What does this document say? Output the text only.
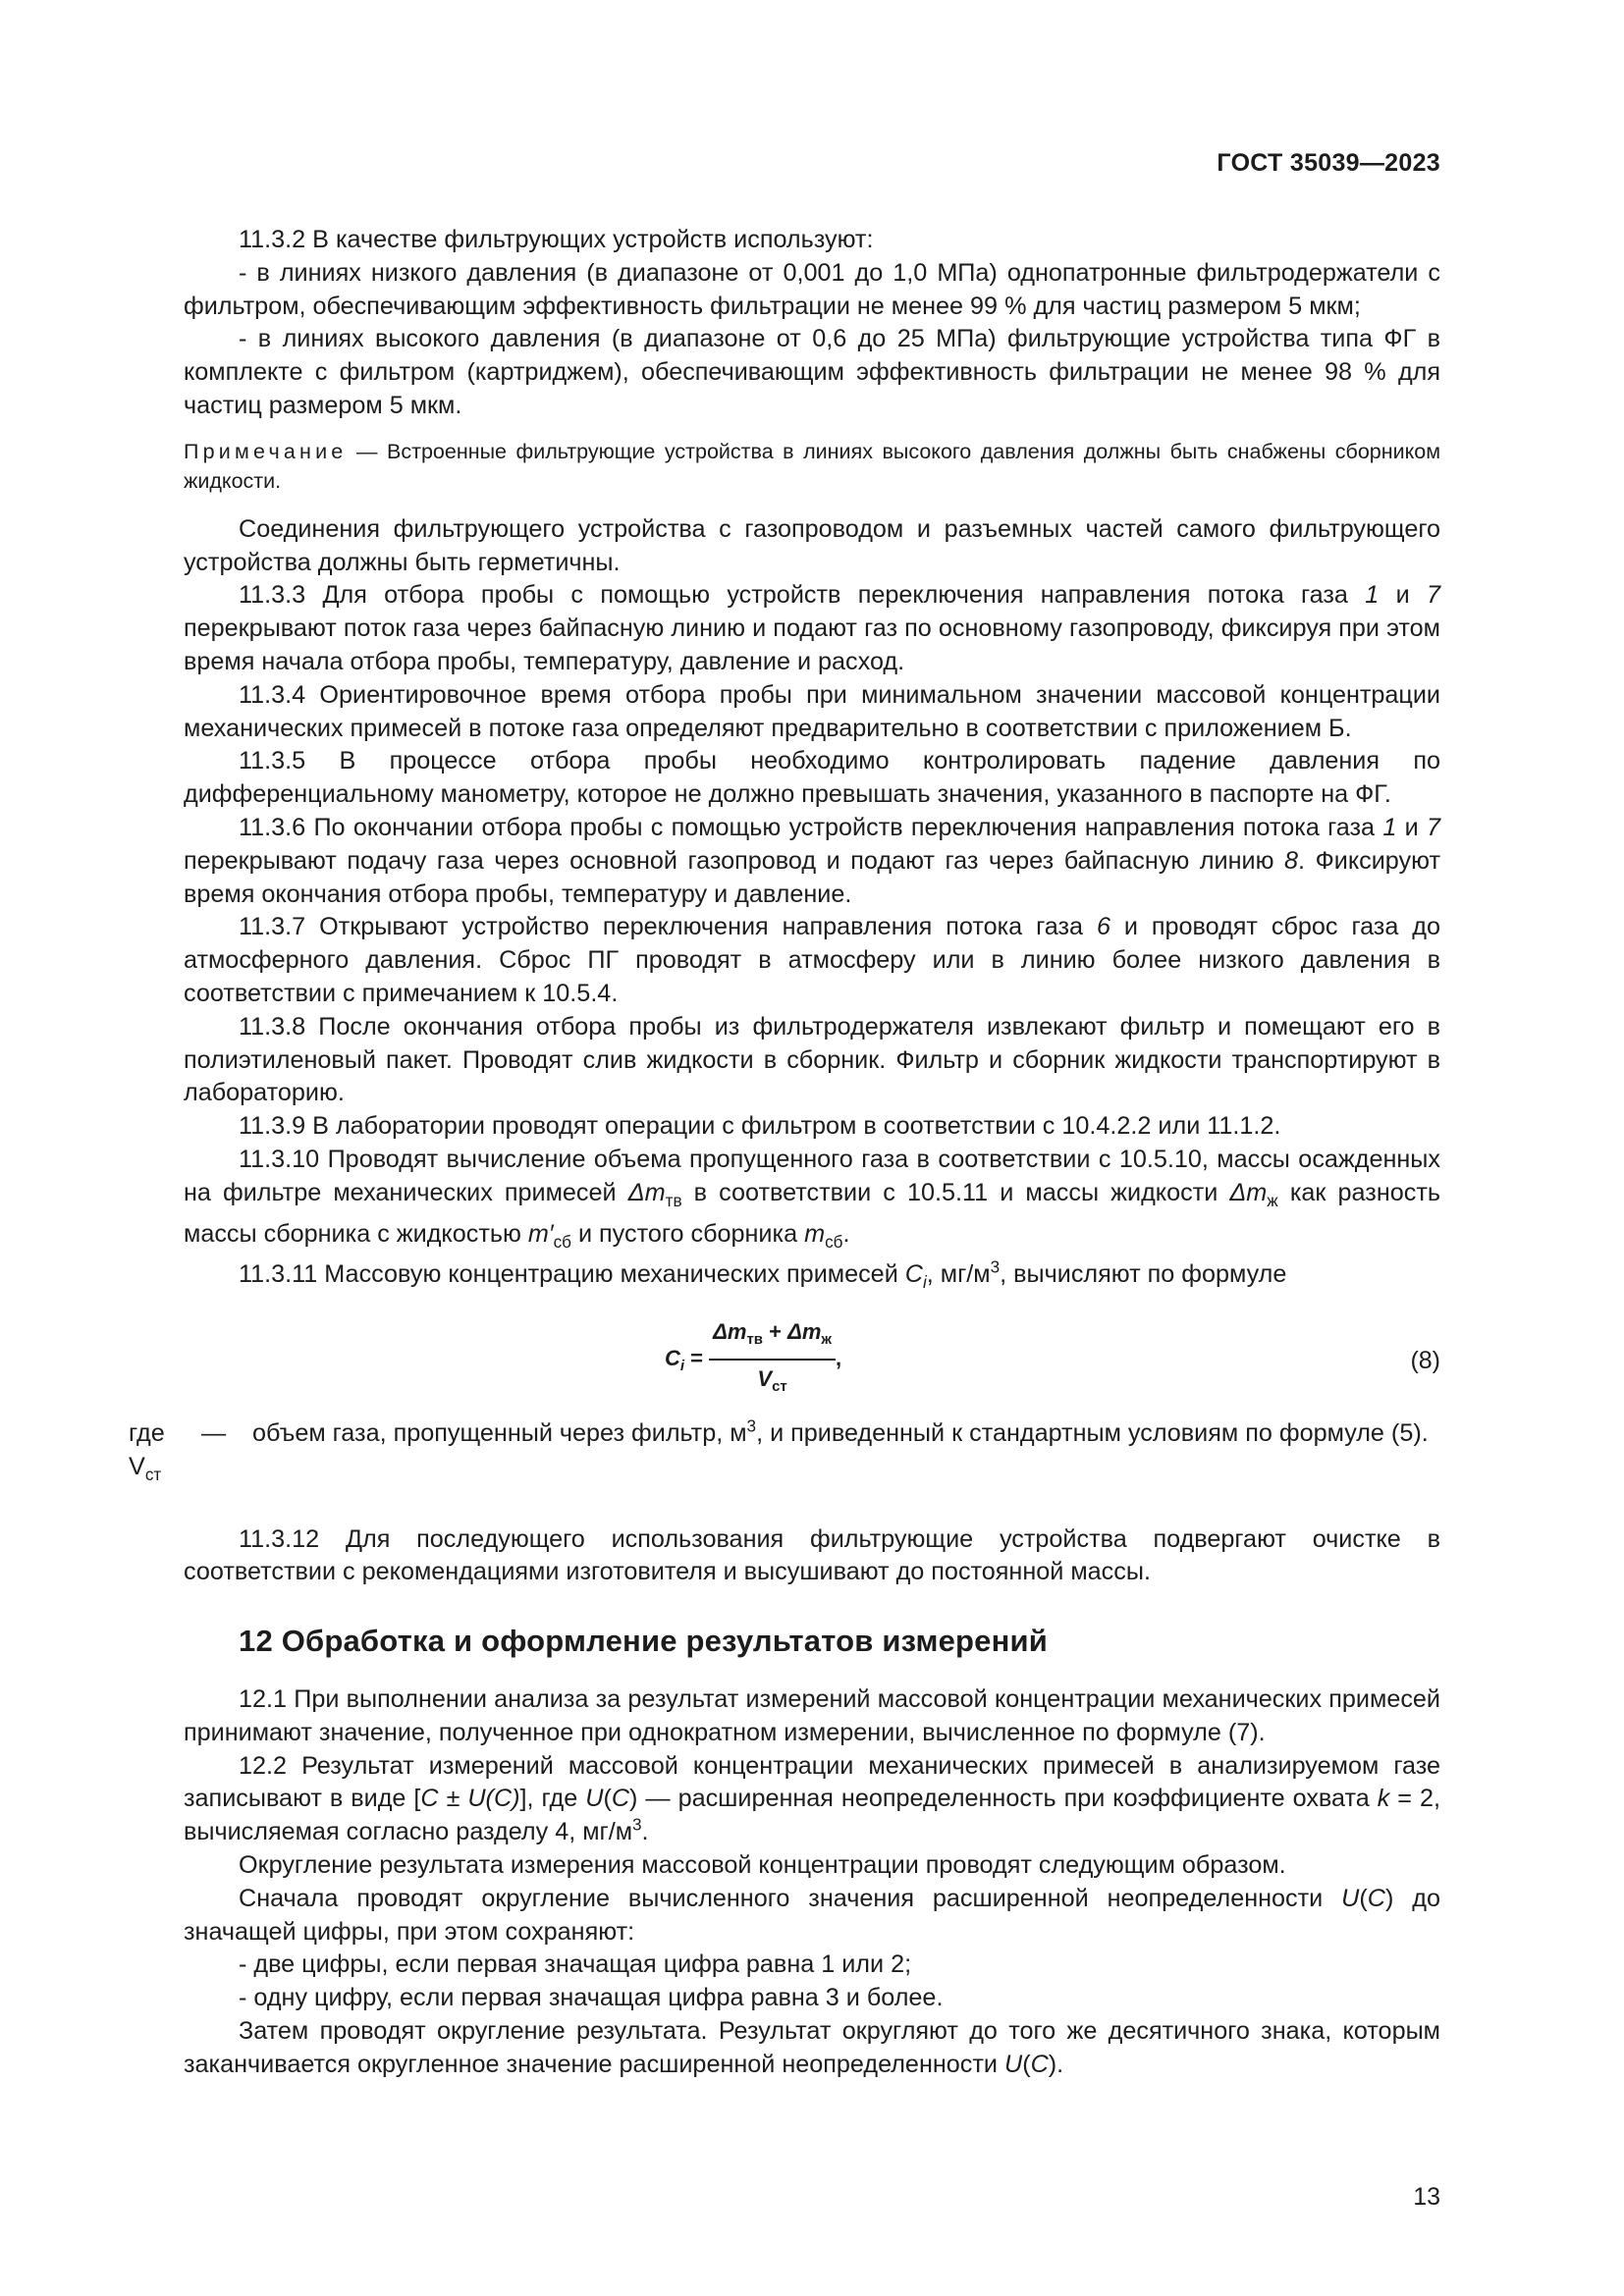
ГОСТ 35039—2023

11.3.2 В качестве фильтрующих устройств используют:

- в линиях низкого давления (в диапазоне от 0,001 до 1,0 МПа) однопатронные фильтродержатели с фильтром, обеспечивающим эффективность фильтрации не менее 99 % для частиц размером 5 мкм;

- в линиях высокого давления (в диапазоне от 0,6 до 25 МПа) фильтрующие устройства типа ФГ в комплекте с фильтром (картриджем), обеспечивающим эффективность фильтрации не менее 98 % для частиц размером 5 мкм.

Примечание — Встроенные фильтрующие устройства в линиях высокого давления должны быть снабжены сборником жидкости.

Соединения фильтрующего устройства с газопроводом и разъемных частей самого фильтрующего устройства должны быть герметичны.

11.3.3 Для отбора пробы с помощью устройств переключения направления потока газа 1 и 7 перекрывают поток газа через байпасную линию и подают газ по основному газопроводу, фиксируя при этом время начала отбора пробы, температуру, давление и расход.

11.3.4 Ориентировочное время отбора пробы при минимальном значении массовой концентрации механических примесей в потоке газа определяют предварительно в соответствии с приложением Б.

11.3.5 В процессе отбора пробы необходимо контролировать падение давления по дифференциальному манометру, которое не должно превышать значения, указанного в паспорте на ФГ.

11.3.6 По окончании отбора пробы с помощью устройств переключения направления потока газа 1 и 7 перекрывают подачу газа через основной газопровод и подают газ через байпасную линию 8. Фиксируют время окончания отбора пробы, температуру и давление.

11.3.7 Открывают устройство переключения направления потока газа 6 и проводят сброс газа до атмосферного давления. Сброс ПГ проводят в атмосферу или в линию более низкого давления в соответствии с примечанием к 10.5.4.

11.3.8 После окончания отбора пробы из фильтродержателя извлекают фильтр и помещают его в полиэтиленовый пакет. Проводят слив жидкости в сборник. Фильтр и сборник жидкости транспортируют в лабораторию.

11.3.9 В лаборатории проводят операции с фильтром в соответствии с 10.4.2.2 или 11.1.2.

11.3.10 Проводят вычисление объема пропущенного газа в соответствии с 10.5.10, массы осажденных на фильтре механических примесей $\Delta m_{тв}$ в соответствии с 10.5.11 и массы жидкости $\Delta m_ж$ как разность массы сборника с жидкостью $m'_{сб}$ и пустого сборника $m_{сб}$.

11.3.11 Массовую концентрацию механических примесей $C_i$, $мг/м^3$, вычисляют по формуле

$C_i = \frac{\Delta m_{тв} + \Delta m_ж}{V_{ст}}$ ,	(8)
где $V_{ст}$
—	объем газа, пропущенный через фильтр, $м^3$, и приведенный к стандартным условиям по формуле (5).

11.3.12 Для последующего использования фильтрующие устройства подвергают очистке в соответствии с рекомендациями изготовителя и высушивают до постоянной массы.

12 Обработка и оформление результатов измерений

12.1 При выполнении анализа за результат измерений массовой концентрации механических примесей принимают значение, полученное при однократном измерении, вычисленное по формуле (7).

12.2 Результат измерений массовой концентрации механических примесей в анализируемом газе записывают в виде [C ± U(C)], где U(C) — расширенная неопределенность при коэффициенте охвата k = 2, вычисляемая согласно разделу 4, $мг/м^3$.

Округление результата измерения массовой концентрации проводят следующим образом.

Сначала проводят округление вычисленного значения расширенной неопределенности U(C) до значащей цифры, при этом сохраняют:

- две цифры, если первая значащая цифра равна 1 или 2;

- одну цифру, если первая значащая цифра равна 3 и более.

Затем проводят округление результата. Результат округляют до того же десятичного знака, которым заканчивается округленное значение расширенной неопределенности U(C).

13
